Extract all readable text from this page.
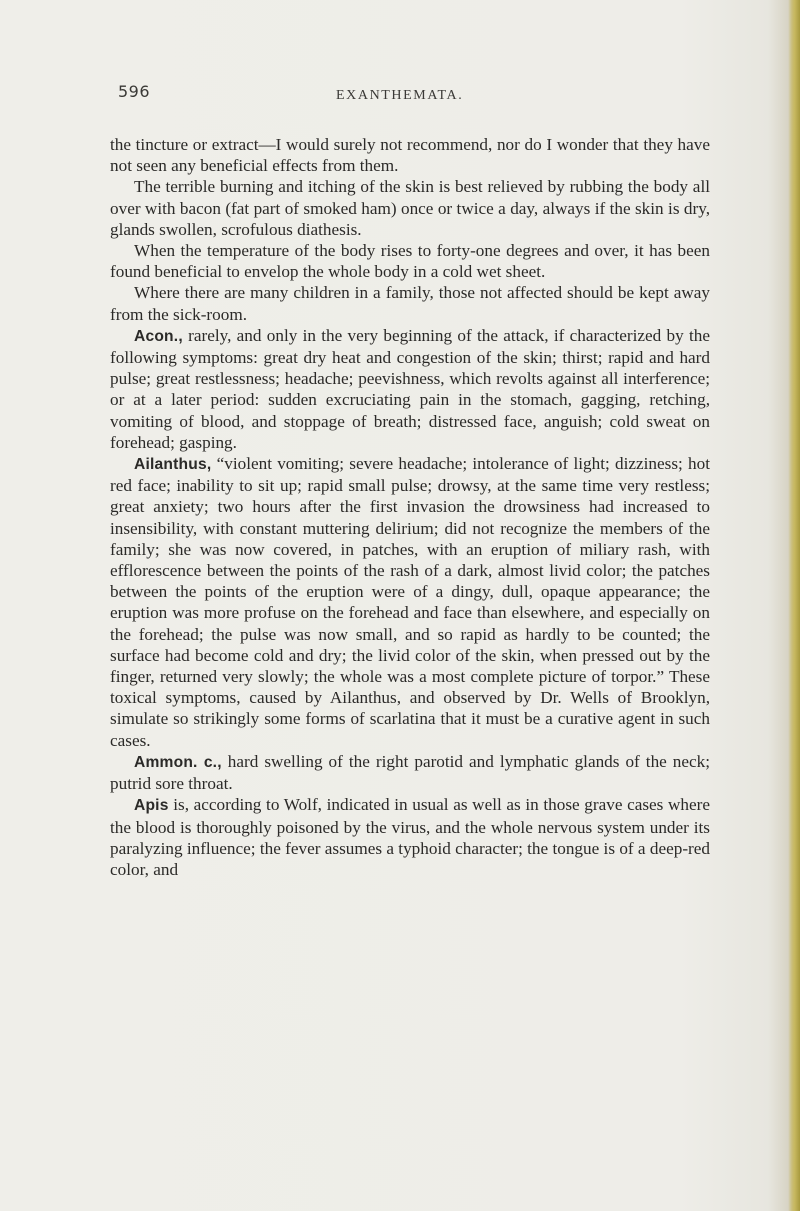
596	EXANTHEMATA.

the tincture or extract—I would surely not recommend, nor do I wonder that they have not seen any beneficial effects from them.

The terrible burning and itching of the skin is best relieved by rubbing the body all over with bacon (fat part of smoked ham) once or twice a day, always if the skin is dry, glands swollen, scrofulous diathesis.

When the temperature of the body rises to forty-one degrees and over, it has been found beneficial to envelop the whole body in a cold wet sheet.

Where there are many children in a family, those not affected should be kept away from the sick-room.

Acon., rarely, and only in the very beginning of the attack, if characterized by the following symptoms: great dry heat and congestion of the skin; thirst; rapid and hard pulse; great restlessness; headache; peevishness, which revolts against all interference; or at a later period: sudden excruciating pain in the stomach, gagging, retching, vomiting of blood, and stoppage of breath; distressed face, anguish; cold sweat on forehead; gasping.

Ailanthus, “violent vomiting; severe headache; intolerance of light; dizziness; hot red face; inability to sit up; rapid small pulse; drowsy, at the same time very restless; great anxiety; two hours after the first invasion the drowsiness had increased to insensibility, with constant muttering delirium; did not recognize the members of the family; she was now covered, in patches, with an eruption of miliary rash, with efflorescence between the points of the rash of a dark, almost livid color; the patches between the points of the eruption were of a dingy, dull, opaque appearance; the eruption was more profuse on the forehead and face than elsewhere, and especially on the forehead; the pulse was now small, and so rapid as hardly to be counted; the surface had become cold and dry; the livid color of the skin, when pressed out by the finger, returned very slowly; the whole was a most complete picture of torpor.” These toxical symptoms, caused by Ailanthus, and observed by Dr. Wells of Brooklyn, simulate so strikingly some forms of scarlatina that it must be a curative agent in such cases.

Ammon. c., hard swelling of the right parotid and lymphatic glands of the neck; putrid sore throat.

Apis is, according to Wolf, indicated in usual as well as in those grave cases where the blood is thoroughly poisoned by the virus, and the whole nervous system under its paralyzing influence; the fever assumes a typhoid character; the tongue is of a deep-red color, and
